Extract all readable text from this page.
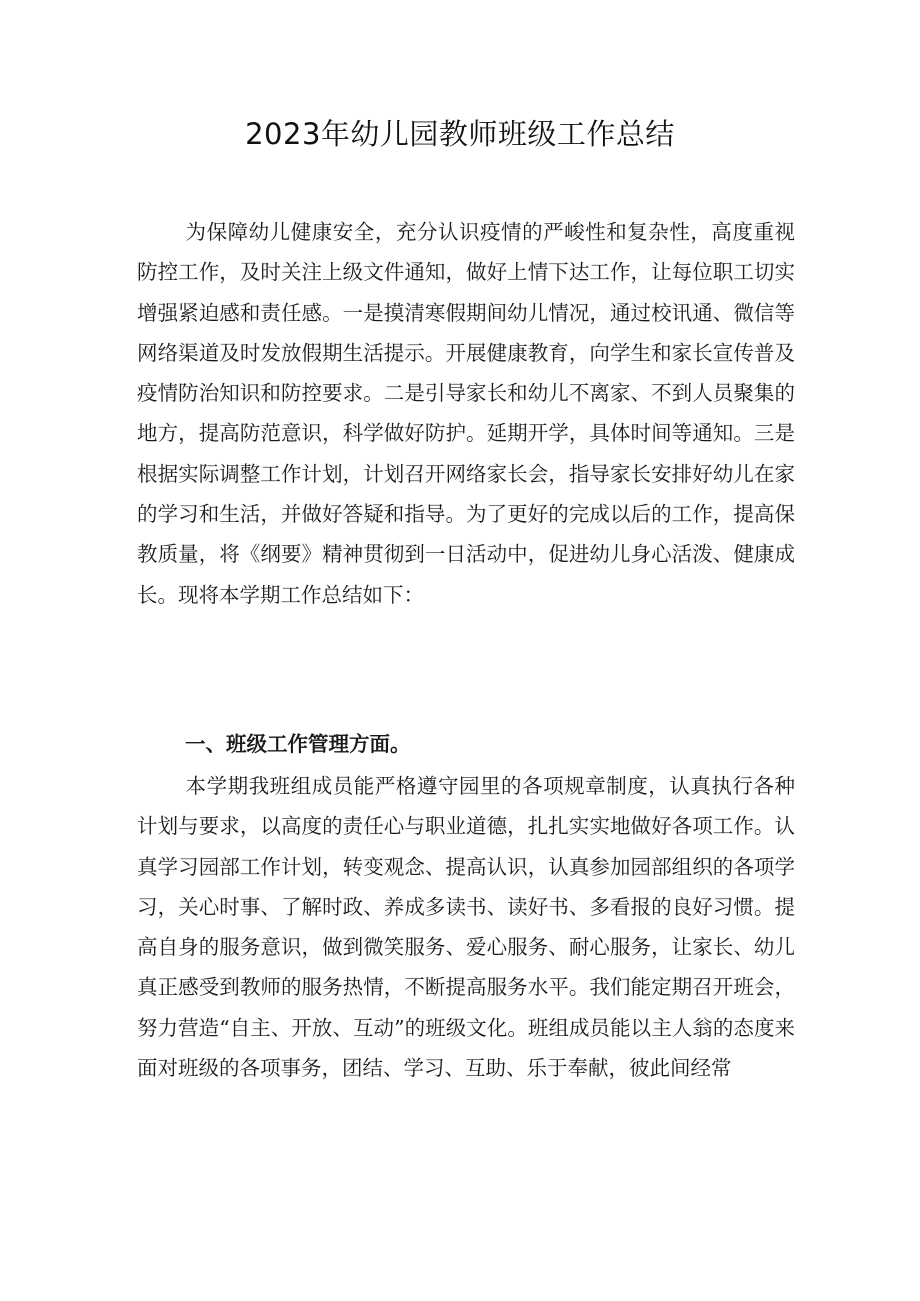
2023年幼儿园教师班级工作总结

为保障幼儿健康安全，充分认识疫情的严峻性和复杂性，高度重视防控工作，及时关注上级文件通知，做好上情下达工作，让每位职工切实增强紧迫感和责任感。一是摸清寒假期间幼儿情况，通过校讯通、微信等网络渠道及时发放假期生活提示。开展健康教育，向学生和家长宣传普及疫情防治知识和防控要求。二是引导家长和幼儿不离家、不到人员聚集的地方，提高防范意识，科学做好防护。延期开学，具体时间等通知。三是根据实际调整工作计划，计划召开网络家长会，指导家长安排好幼儿在家的学习和生活，并做好答疑和指导。为了更好的完成以后的工作，提高保教质量，将《纲要》精神贯彻到一日活动中，促进幼儿身心活泼、健康成长。现将本学期工作总结如下：

一、班级工作管理方面。

本学期我班组成员能严格遵守园里的各项规章制度，认真执行各种计划与要求，以高度的责任心与职业道德，扎扎实实地做好各项工作。认真学习园部工作计划，转变观念、提高认识，认真参加园部组织的各项学习，关心时事、了解时政、养成多读书、读好书、多看报的良好习惯。提高自身的服务意识，做到微笑服务、爱心服务、耐心服务，让家长、幼儿真正感受到教师的服务热情，不断提高服务水平。我们能定期召开班会，努力营造“自主、开放、互动”的班级文化。班组成员能以主人翁的态度来面对班级的各项事务，团结、学习、互助、乐于奉献，彼此间经常
